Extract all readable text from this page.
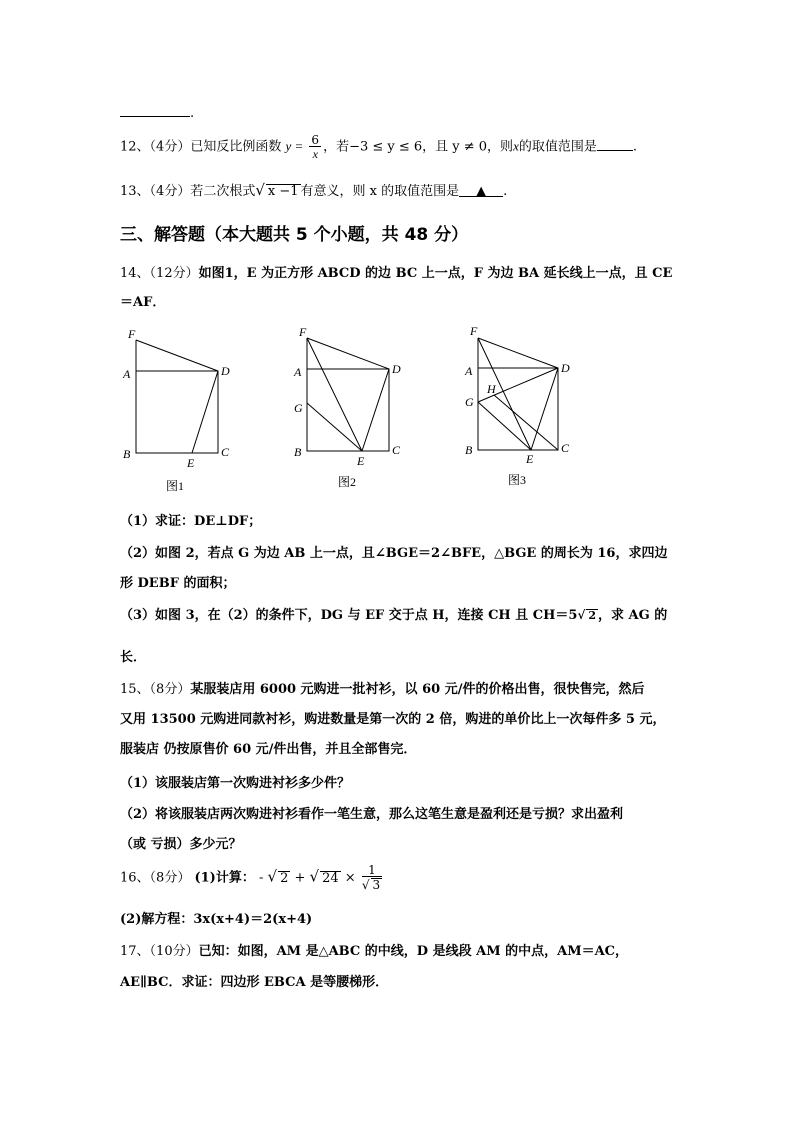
.
12、（4分）已知反比例函数 $y = \frac{6}{x}$ ，若−3 ≤ y ≤ 6，且 y ≠ 0，则x的取值范围是	.
13、（4分）若二次根式√ x −1 有意义，则 x 的取值范围是 ▲ .
三、解答题（本大题共 5 个小题，共 48 分）
14、（12分）如图1，E 为正方形 ABCD 的边 BC 上一点，F 为边 BA 延长线上一点，且 CE
＝AF．
F
A	D
B
E
C
图1
F
A	D
G
B
E
C
图2
F
A	D
H
G
B
E
C
图3
（1）求证：DE⊥DF；
（2）如图 2，若点 G 为边 AB 上一点，且∠BGE＝2∠BFE，△BGE 的周长为 16，求四边
形 DEBF 的面积；
（3）如图 3，在（2）的条件下，DG 与 EF 交于点 H，连接 CH 且 CH＝5√ 2 ，求 AG 的
长．
15、（8分）某服装店用 6000 元购进一批衬衫，以 60 元/件的价格出售，很快售完，然后
又用 13500 元购进同款衬衫，购进数量是第一次的 2 倍，购进的单价比上一次每件多 5 元，
服装店 仍按原售价 60 元/件出售，并且全部售完．
（1）该服装店第一次购进衬衫多少件？
（2）将该服装店两次购进衬衫看作一笔生意，那么这笔生意是盈利还是亏损？求出盈利
（或 亏损）多少元？
16、（8分） (1)计算： - √ 2 + √ $24 \times \frac{1}{√ 3}$
(2)解方程：3x(x+4)＝2(x+4)
17、（10分）已知：如图，AM 是△ABC 的中线，D 是线段 AM 的中点，AM＝AC，
AE∥BC．求证：四边形 EBCA 是等腰梯形．
